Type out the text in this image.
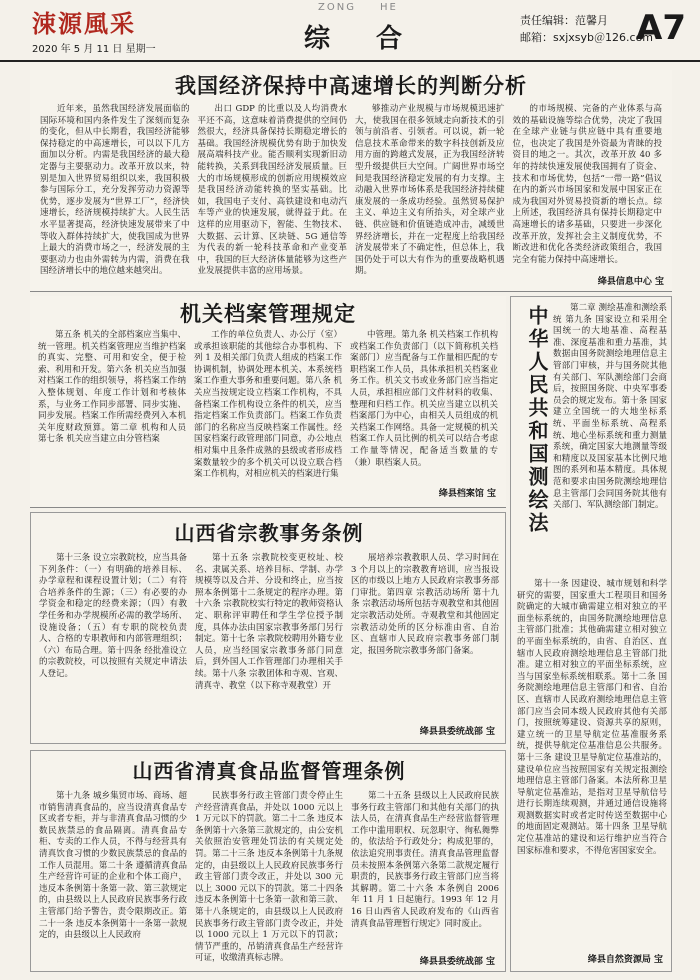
涑源風采
2020 年 5 月 11 日 星期一
ZONG HE
综 合
责任编辑：范馨月
邮箱：sxjxsyb＠126.com
A7
我国经济保持中高速增长的判断分析

近年来，虽然我国经济发展面临的国际环境和国内条件发生了深刻而复杂的变化，但从中长期看，我国经济能够保持稳定的中高速增长，可以以下几方面加以分析。内需是我国经济的最大稳定器与主要驱动力。改革开放以来，特别是加入世界贸易组织以来，我国积极参与国际分工，充分发挥劳动力资源等优势，逐步发展为“世界工厂”，经济快速增长，经济规模持续扩大。人民生活水平显著提高，经济快速发展带来了中等收入群体持续扩大，使我国成为世界上最大的消费市场之一，经济发展的主要驱动力也由外需转为内需，消费在我国经济增长中的地位越来越突出。

出口 GDP 的比重以及人均消费水平还不高，这意味着消费提供的空间仍然很大，经济具备保持长期稳定增长的基础。我国经济规模优势有助于加快发展高端科技产业。能否顺利实现新旧动能转换，关系到我国经济发展质量。巨大的市场规模形成的创新应用规模效应是我国经济动能转换的坚实基础。比如，我国电子支付、高铁建设和电动汽车等产业的快速发展，就得益于此。在这样的应用驱动下，智能、生物技术、大数据、云计算、区块链、5G 通信等为代表的新一轮科技革命和产业变革中，我国的巨大经济体量能够为这些产业发展提供丰富的应用场景。

够推动产业规模与市场规模迅速扩大，使我国在很多领域走向新技术的引领与前沿者、引领者。可以说，新一轮信息技术革命带来的数字科技创新及应用方面的跨越式发展，正为我国经济转型升级提供巨大空间。广阔世界市场空间是我国经济稳定发展的有力支撑。主动融入世界市场体系是我国经济持续健康发展的一条成功经验。虽然贸易保护主义、单边主义有所抬头，对全球产业链、供应链和价值链造成冲击，减缓世界经济增长，并在一定程度上给我国经济发展带来了不确定性，但总体上，我国仍处于可以大有作为的重要战略机遇期。

的市场规模、完备的产业体系与高效的基础设施等综合优势，决定了我国在全球产业链与供应链中具有重要地位，也决定了我国是外资最为青睐的投资目的地之一。其次，改革开放 40 多年的持续快速发展使我国拥有了资金、技术和市场优势，包括“一带一路”倡议在内的新兴市场国家和发展中国家正在成为我国对外贸易投资新的增长点。综上所述，我国经济具有保持长期稳定中高速增长的诸多基础，只要进一步深化改革开放，发挥社会主义制度优势，不断改进和优化各类经济政策组合，我国完全有能力保持中高速增长。

绛县信息中心 宝
机关档案管理规定

第五条 机关的全部档案应当集中、统一管理。机关档案管理应当维护档案的真实、完整、可用和安全，便于检索、利用和开发。第六条 机关应当加强对档案工作的组织领导，将档案工作纳入整体规划、年度工作计划和考核体系，与业务工作同步部署、同步实施、同步发展。档案工作所需经费列入本机关年度财政预算。第二章 机构和人员 第七条 机关应当建立由分管档案

工作的单位负责人、办公厅（室）或承担该职能的其他综合办事机构、下列 1 及相关部门负责人组成的档案工作协调机制，协调处理本机关、本系统档案工作重大事务和重要问题。第八条 机关应当按规定设立档案工作机构，不具备档案工作机构设立条件的机关，应当指定档案工作负责部门。档案工作负责部门的名称应当反映档案工作属性。经国家档案行政管理部门同意，办公地点相对集中且条件成熟的县级或者形成档案数量较少的多个机关可以设立联合档案工作机构，对相应机关的档案进行集

中管理。第九条 机关档案工作机构或档案工作负责部门（以下简称机关档案部门）应当配备与工作量相匹配的专职档案工作人员，具体承担机关档案业务工作。机关文书或业务部门应当指定人员，承担相应部门文件材料的收集、整理和归档工作。机关应当建立以机关档案部门为中心，由相关人员组成的机关档案工作网络。具备一定规模的机关档案工作人员比例的机关可以结合考虑工作量等情况，配备适当数量的专（兼）职档案人员。

绛县档案馆 宝
山西省宗教事务条例

第十三条 设立宗教院校，应当具备下列条件：（一）有明确的培养目标、办学章程和课程设置计划；（二）有符合培养条件的生源；（三）有必要的办学资金和稳定的经费来源；（四）有教学任务和办学规模所必需的教学场所、设施设备；（五）有专职的院校负责人、合格的专职教师和内部管理组织；（六）布局合理。第十四条 经批准设立的宗教院校，可以按照有关规定申请法人登记。

第十五条 宗教院校变更校址、校名、隶属关系、培养目标、学制、办学规模等以及合并、分设和终止，应当按照本条例第十二条规定的程序办理。第十六条 宗教院校实行特定的教师资格认定、职称评审聘任和学生学位授予制度，具体办法由国家宗教事务部门另行制定。第十七条 宗教院校聘用外籍专业人员，应当经国家宗教事务部门同意后，到外国人工作管理部门办理相关手续。第十八条 宗教团体和寺观、宫观、清真寺、教堂（以下称寺观教堂）开

展培养宗教教职人员、学习时间在 3 个月以上的宗教教育培训，应当报设区的市级以上地方人民政府宗教事务部门审批。第四章 宗教活动场所 第十九条 宗教活动场所包括寺观教堂和其他固定宗教活动处所。寺观教堂和其他固定宗教活动处所的区分标准由省、自治区、直辖市人民政府宗教事务部门制定，报国务院宗教事务部门备案。

绛县县委统战部 宝
山西省清真食品监督管理条例

第十九条 城乡集贸市场、商场、超市销售清真食品的，应当设清真食品专区或者专柜，并与非清真食品习惯的少数民族禁忌的食品隔离。清真食品专柜、专卖的工作人员，不得与经营具有清真饮食习惯的少数民族禁忌的食品的工作人员混用。第二十条 遵循清真食品生产经营许可证的企业和个体工商户，违反本条例第十条第一款、第三款规定的，由县级以上人民政府民族事务行政主管部门给予警告，责令限期改正。第二十一条 违反本条例第十一条第一款规定的，由县级以上人民政府

民族事务行政主管部门责令停止生产经营清真食品，并处以 1000 元以上 1 万元以下的罚款。第二十二条 违反本条例第十六条第三款规定的，由公安机关依照治安管理处罚法的有关规定处罚。第二十三条 违反本条例第十九条规定的，由县级以上人民政府民族事务行政主管部门责令改正，并处以 300 元以上 3000 元以下的罚款。第二十四条 违反本条例第十七条第一款和第三款、第十八条规定的，由县级以上人民政府民族事务行政主管部门责令改正，并处以 1000 元以上 1 万元以下的罚款；情节严重的，吊销清真食品生产经营许可证，收缴清真标志牌。

第二十五条 县级以上人民政府民族事务行政主管部门和其他有关部门的执法人员，在清真食品生产经营监督管理工作中滥用职权、玩忽职守、徇私舞弊的，依法给予行政处分；构成犯罪的，依法追究刑事责任。清真食品管理监督员未按照本条例第六条第二款规定履行职责的，民族事务行政主管部门应当将其解聘。第二十六条 本条例自 2006 年 11 月 1 日起施行。1993 年 12 月 16 日山西省人民政府发布的《山西省清真食品管理暂行规定》同时废止。

绛县县委统战部 宝
中华人民共和国测绘法	第二章 测绘基准和测绘系统 第九条 国家设立和采用全国统一的大地基准、高程基准、深度基准和重力基准，其数据由国务院测绘地理信息主管部门审核，并与国务院其他有关部门、军队测绘部门会商后，按照国务院、中央军事委员会的规定发布。第十条 国家建立全国统一的大地坐标系统、平面坐标系统、高程系统、地心坐标系统和重力测量系统，确定国家大地测量等级和精度以及国家基本比例尺地图的系列和基本精度。具体规范和要求由国务院测绘地理信息主管部门会同国务院其他有关部门、军队测绘部门制定。

第十一条 因建设、城市规划和科学研究的需要，国家重大工程项目和国务院确定的大城市确需建立相对独立的平面坐标系统的，由国务院测绘地理信息主管部门批准；其他确需建立相对独立的平面坐标系统的，由省、自治区、直辖市人民政府测绘地理信息主管部门批准。建立相对独立的平面坐标系统，应当与国家坐标系统相联系。第十二条 国务院测绘地理信息主管部门和省、自治区、直辖市人民政府测绘地理信息主管部门应当会同本级人民政府其他有关部门，按照统筹建设、资源共享的原则，建立统一的卫星导航定位基准服务系统，提供导航定位基准信息公共服务。第十三条 建设卫星导航定位基准站的，建设单位应当按照国家有关规定报测绘地理信息主管部门备案。本法所称卫星导航定位基准站，是指对卫星导航信号进行长期连续观测，并通过通信设施将观测数据实时或者定时传送至数据中心的地面固定观测站。第十四条 卫星导航定位基准站的建设和运行维护应当符合国家标准和要求，不得危害国家安全。

绛县自然资源局 宝
